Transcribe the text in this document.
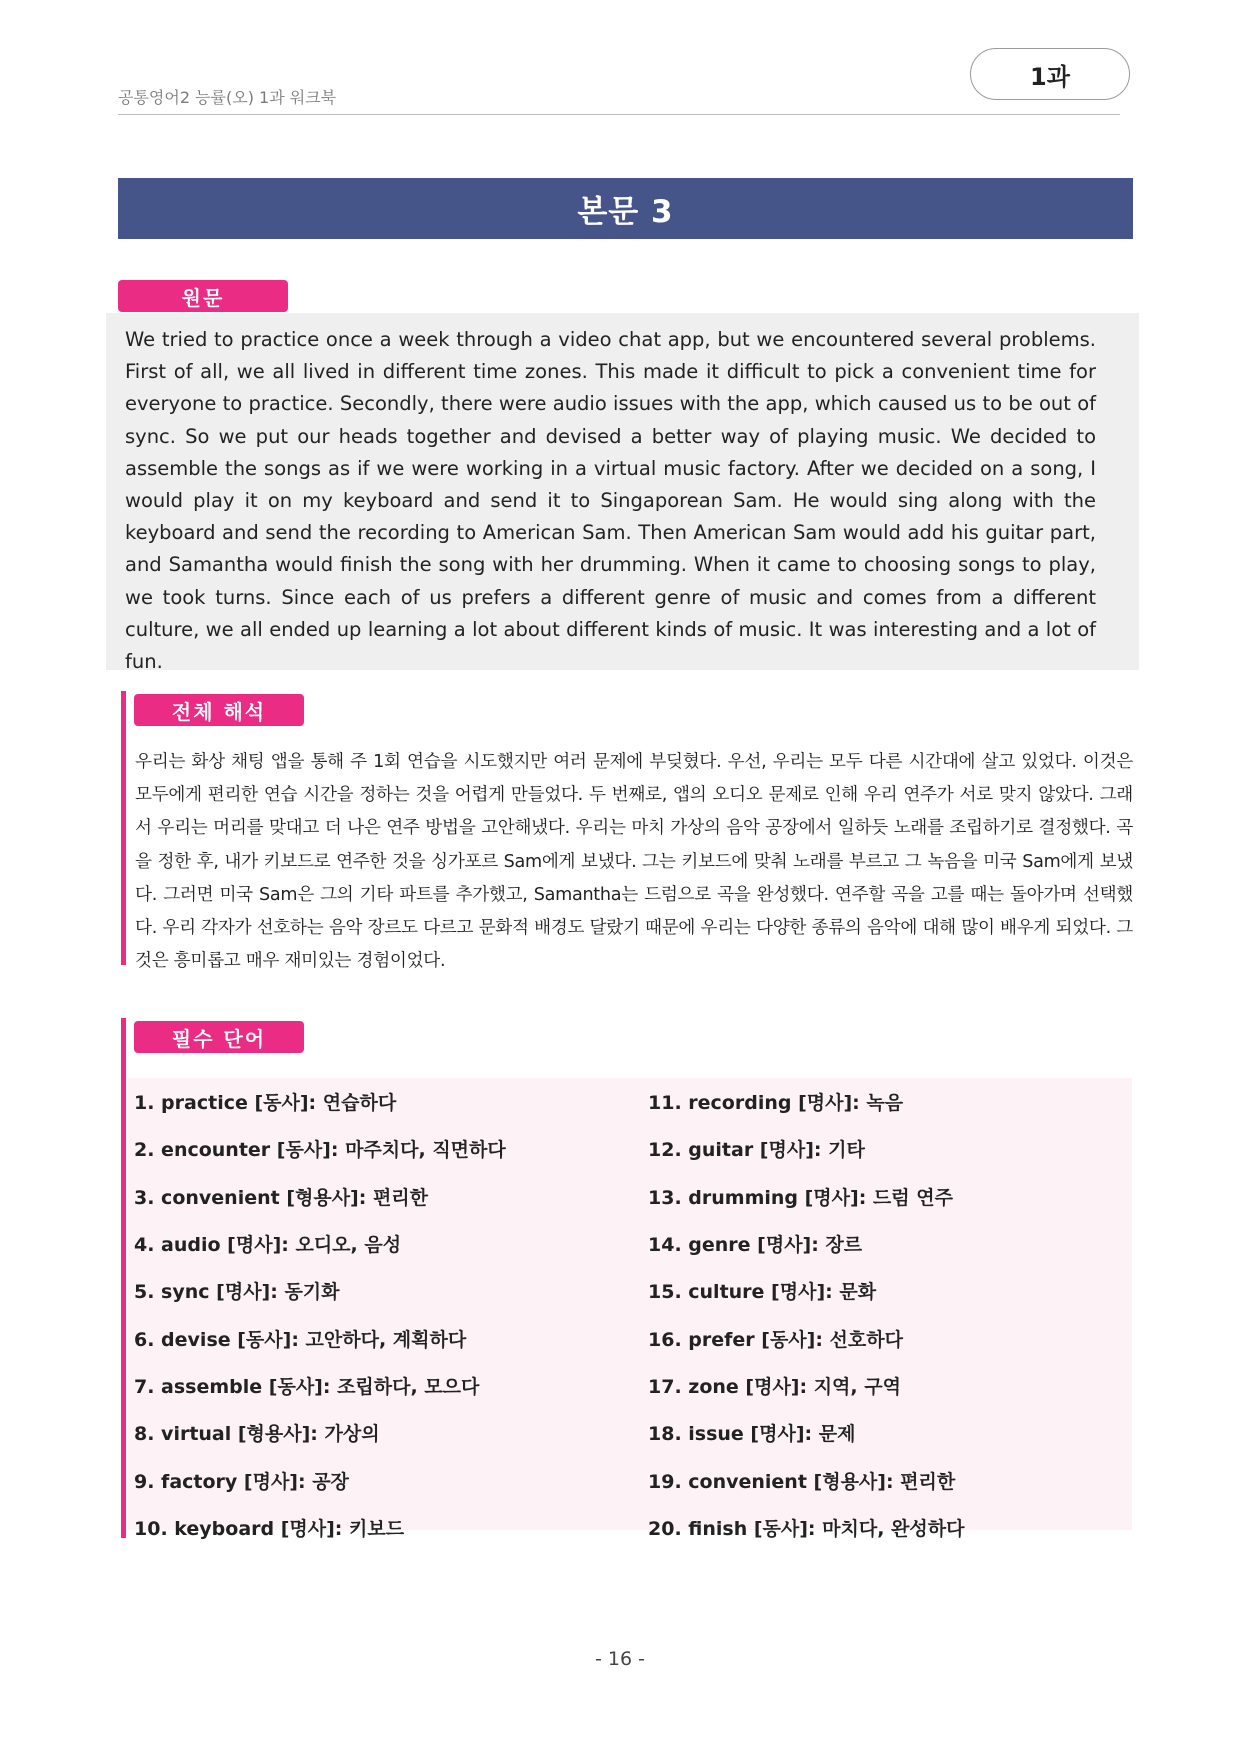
공통영어2 능률(오) 1과 워크북
1과
본문 3
원문

We tried to practice once a week through a video chat app, but we encountered several problems. First of all, we all lived in different time zones. This made it difficult to pick a convenient time for everyone to practice. Secondly, there were audio issues with the app, which caused us to be out of sync. So we put our heads together and devised a better way of playing music. We decided to assemble the songs as if we were working in a virtual music factory. After we decided on a song, I would play it on my keyboard and send it to Singaporean Sam. He would sing along with the keyboard and send the recording to American Sam. Then American Sam would add his guitar part, and Samantha would finish the song with her drumming. When it came to choosing songs to play, we took turns. Since each of us prefers a different genre of music and comes from a different culture, we all ended up learning a lot about different kinds of music. It was interesting and a lot of fun.

전체 해석

우리는 화상 채팅 앱을 통해 주 1회 연습을 시도했지만 여러 문제에 부딪혔다. 우선, 우리는 모두 다른 시간대에 살고 있었다. 이것은 모두에게 편리한 연습 시간을 정하는 것을 어렵게 만들었다. 두 번째로, 앱의 오디오 문제로 인해 우리 연주가 서로 맞지 않았다. 그래서 우리는 머리를 맞대고 더 나은 연주 방법을 고안해냈다. 우리는 마치 가상의 음악 공장에서 일하듯 노래를 조립하기로 결정했다. 곡을 정한 후, 내가 키보드로 연주한 것을 싱가포르 Sam에게 보냈다. 그는 키보드에 맞춰 노래를 부르고 그 녹음을 미국 Sam에게 보냈다. 그러면 미국 Sam은 그의 기타 파트를 추가했고, Samantha는 드럼으로 곡을 완성했다. 연주할 곡을 고를 때는 돌아가며 선택했다. 우리 각자가 선호하는 음악 장르도 다르고 문화적 배경도 달랐기 때문에 우리는 다양한 종류의 음악에 대해 많이 배우게 되었다. 그것은 흥미롭고 매우 재미있는 경험이었다.

필수 단어
1. practice [동사]: 연습하다
2. encounter [동사]: 마주치다, 직면하다
3. convenient [형용사]: 편리한
4. audio [명사]: 오디오, 음성
5. sync [명사]: 동기화
6. devise [동사]: 고안하다, 계획하다
7. assemble [동사]: 조립하다, 모으다
8. virtual [형용사]: 가상의
9. factory [명사]: 공장
10. keyboard [명사]: 키보드
11. recording [명사]: 녹음
12. guitar [명사]: 기타
13. drumming [명사]: 드럼 연주
14. genre [명사]: 장르
15. culture [명사]: 문화
16. prefer [동사]: 선호하다
17. zone [명사]: 지역, 구역
18. issue [명사]: 문제
19. convenient [형용사]: 편리한
20. finish [동사]: 마치다, 완성하다
- 16 -
